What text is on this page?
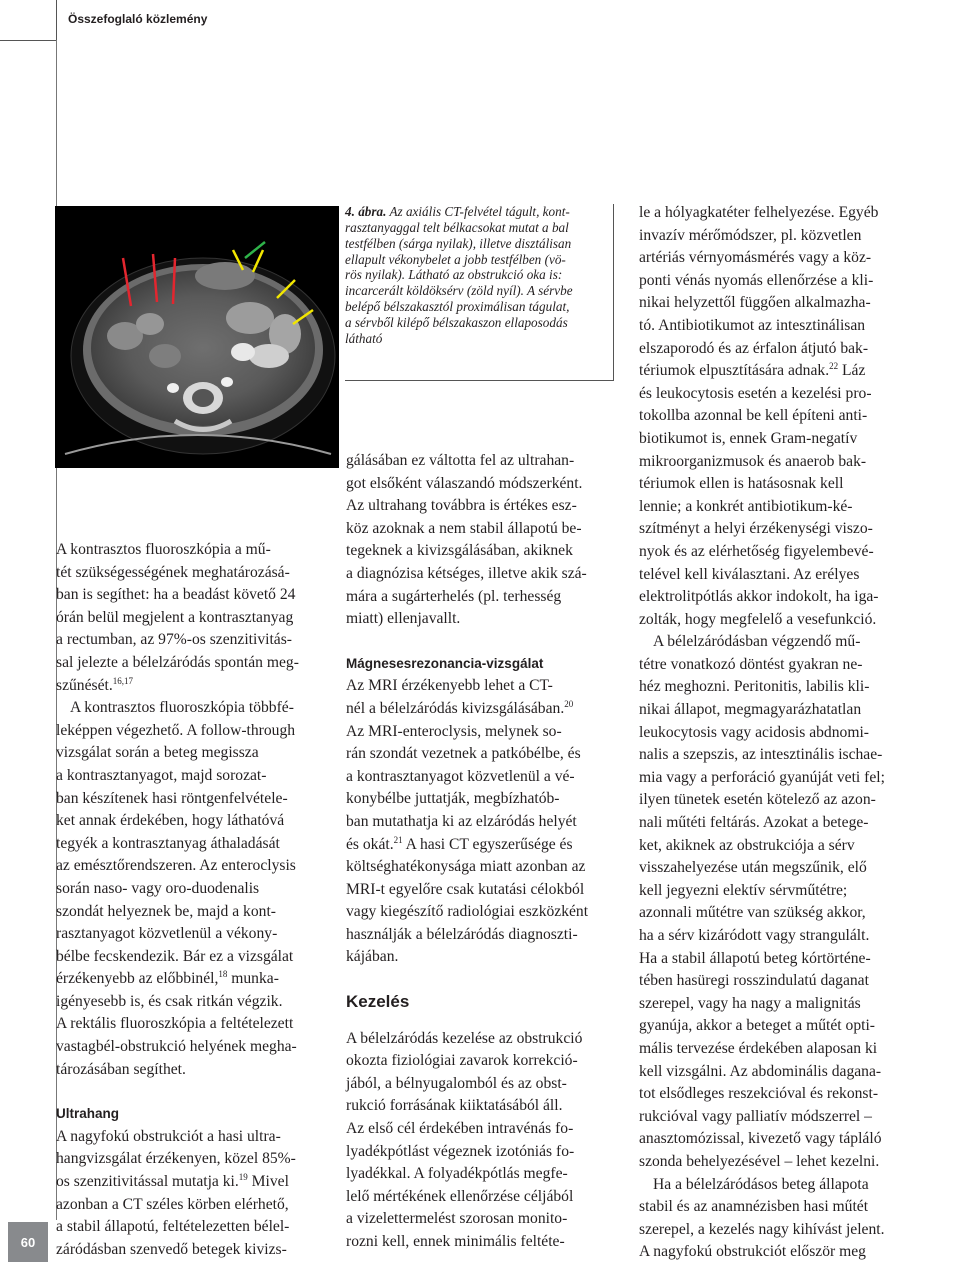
Összefoglaló közlemény
60

4. ábra. Az axiális CT-felvétel tágult, kont-
rasztanyaggal telt bélkacsokat mutat a bal
testfélben (sárga nyilak), illetve disztálisan
ellapult vékonybelet a jobb testfélben (vö-
rös nyilak). Látható az obstrukció oka is:
incarcerált köldöksérv (zöld nyíl). A sérvbe
belépő bélszakasztól proximálisan tágulat,
a sérvből kilépő bélszakaszon ellaposodás
látható

A kontrasztos fluoroszkópia a mű-
tét szükségességének meghatározásá-
ban is segíthet: ha a beadást követő 24
órán belül megjelent a kontrasztanyag
a rectumban, az 97%-os szenzitivitás-
sal jelezte a bélelzáródás spontán meg-
szűnését.$^{16,17}$

A kontrasztos fluoroszkópia többfé-
leképpen végezhető. A follow-through
vizsgálat során a beteg megissza
a kontrasztanyagot, majd sorozat-
ban készítenek hasi röntgenfelvétele-
ket annak érdekében, hogy láthatóvá
tegyék a kontrasztanyag áthaladását
az emésztőrendszeren. Az enteroclysis
során naso- vagy oro-duodenalis
szondát helyeznek be, majd a kont-
rasztanyagot közvetlenül a vékony-
bélbe fecskendezik. Bár ez a vizsgálat
érzékenyebb az előbbinél,$^{18}$ munka-
igényesebb is, és csak ritkán végzik.
A rektális fluoroszkópia a feltételezett
vastagbél-obstrukció helyének megha-
tározásában segíthet.

Ultrahang

A nagyfokú obstrukciót a hasi ultra-
hangvizsgálat érzékenyen, közel 85%-
os szenzitivitással mutatja ki.$^{19}$ Mivel
azonban a CT széles körben elérhető,
a stabil állapotú, feltételezetten bélel-
záródásban szenvedő betegek kivizs-

gálásában ez váltotta fel az ultrahan-
got elsőként válaszandó módszerként.
Az ultrahang továbbra is értékes esz-
köz azoknak a nem stabil állapotú be-
tegeknek a kivizsgálásában, akiknek
a diagnózisa kétséges, illetve akik szá-
mára a sugárterhelés (pl. terhesség
miatt) ellenjavallt.

Mágnesesrezonancia-vizsgálat

Az MRI érzékenyebb lehet a CT-
nél a bélelzáródás kivizsgálásában.$^{20}$

Az MRI-enteroclysis, melynek so-
rán szondát vezetnek a patkóbélbe, és
a kontrasztanyagot közvetlenül a vé-
konybélbe juttatják, megbízhatób-
ban mutathatja ki az elzáródás helyét
és okát.$^{21}$ A hasi CT egyszerűsége és
költséghatékonysága miatt azonban az
MRI-t egyelőre csak kutatási célokból
vagy kiegészítő radiológiai eszközként
használják a bélelzáródás diagnoszti-
kájában.

Kezelés

A bélelzáródás kezelése az obstrukció
okozta fiziológiai zavarok korrekció-
jából, a bélnyugalomból és az obst-
rukció forrásának kiiktatásából áll.
Az első cél érdekében intravénás fo-
lyadékpótlást végeznek izotóniás fo-
lyadékkal. A folyadékpótlás megfe-
lelő mértékének ellenőrzése céljából
a vizelettermelést szorosan monito-
rozni kell, ennek minimális feltéte-

le a hólyagkatéter felhelyezése. Egyéb
invazív mérőmódszer, pl. közvetlen
artériás vérnyomásmérés vagy a köz-
ponti vénás nyomás ellenőrzése a kli-
nikai helyzettől függően alkalmazha-
tó. Antibiotikumot az intesztinálisan
elszaporodó és az érfalon átjutó bak-
tériumok elpusztítására adnak.$^{22}$ Láz
és leukocytosis esetén a kezelési pro-
tokollba azonnal be kell építeni anti-
biotikumot is, ennek Gram-negatív
mikroorganizmusok és anaerob bak-
tériumok ellen is hatásosnak kell
lennie; a konkrét antibiotikum-ké-
szítményt a helyi érzékenységi viszo-
nyok és az elérhetőség figyelembevé-
telével kell kiválasztani. Az erélyes
elektrolitpótlás akkor indokolt, ha iga-
zolták, hogy megfelelő a vesefunkció.

A bélelzáródásban végzendő mű-
tétre vonatkozó döntést gyakran ne-
héz meghozni. Peritonitis, labilis kli-
nikai állapot, megmagyarázhatatlan
leukocytosis vagy acidosis abdnomi-
nalis a szepszis, az intesztinális ischae-
mia vagy a perforáció gyanúját veti fel;
ilyen tünetek esetén kötelező az azon-
nali műtéti feltárás. Azokat a betege-
ket, akiknek az obstrukciója a sérv
visszahelyezése után megszűnik, elő
kell jegyezni elektív sérvműtétre;
azonnali műtétre van szükség akkor,
ha a sérv kizáródott vagy strangulált.
Ha a stabil állapotú beteg kórtörténe-
tében hasüregi rosszindulatú daganat
szerepel, vagy ha nagy a malignitás
gyanúja, akkor a beteget a műtét opti-
mális tervezése érdekében alaposan ki
kell vizsgálni. Az abdominális dagana-
tot elsődleges reszekcióval és rekonst-
rukcióval vagy palliatív módszerrel –
anasztomózissal, kivezető vagy tápláló
szonda behelyezésével – lehet kezelni.

Ha a bélelzáródásos beteg állapota
stabil és az anamnézisben hasi műtét
szerepel, a kezelés nagy kihívást jelent.
A nagyfokú obstrukciót először meg
